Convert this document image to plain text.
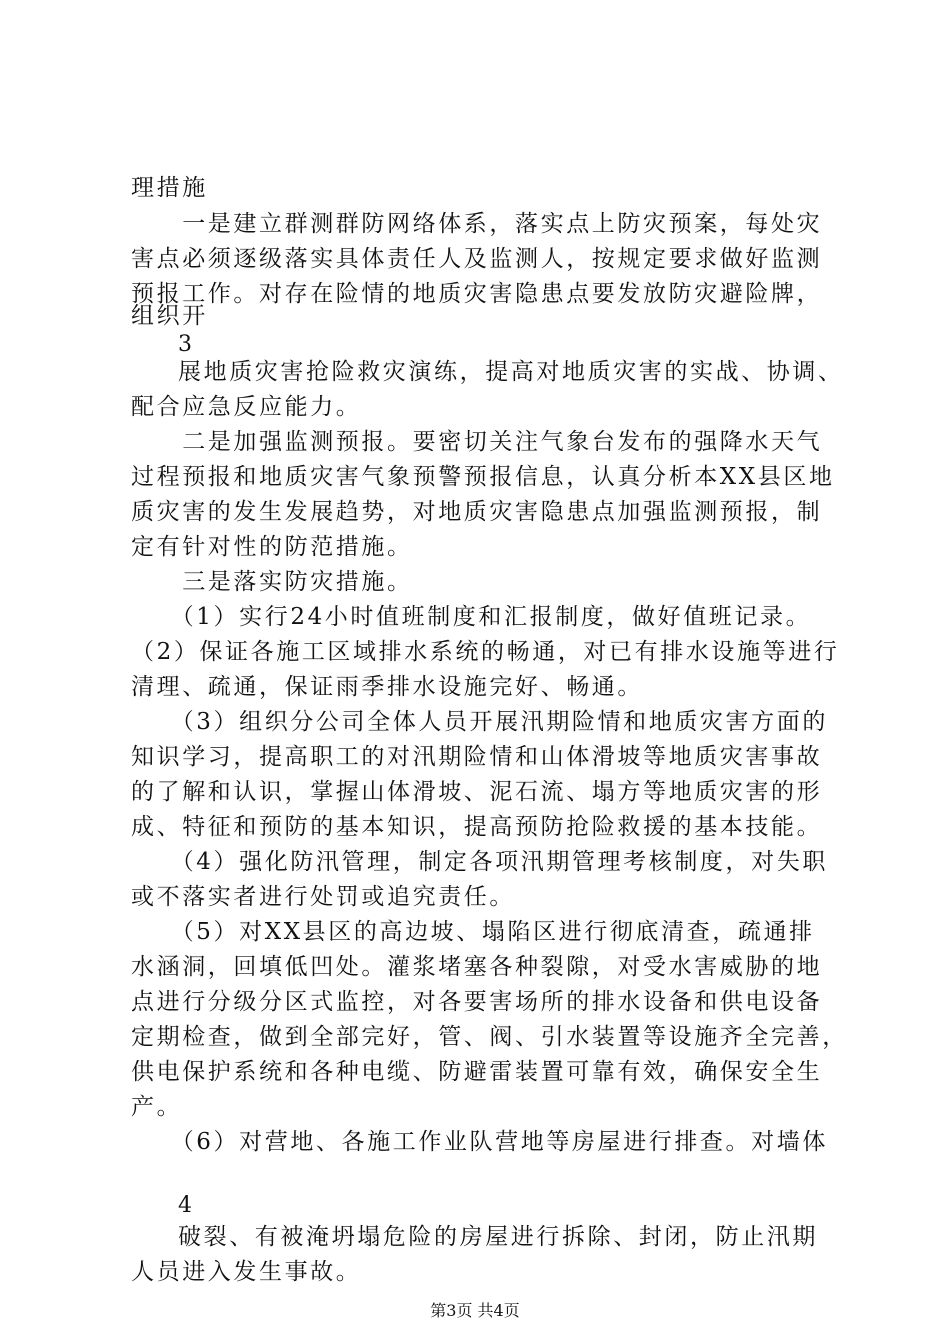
理措施
　　一是建立群测群防网络体系，落实点上防灾预案，每处灾
害点必须逐级落实具体责任人及监测人，按规定要求做好监测
预报工作。对存在险情的地质灾害隐患点要发放防灾避险牌，
组织开
3
展地质灾害抢险救灾演练，提高对地质灾害的实战、协调、
配合应急反应能力。
　　二是加强监测预报。要密切关注气象台发布的强降水天气
过程预报和地质灾害气象预警预报信息，认真分析本XX县区地
质灾害的发生发展趋势，对地质灾害隐患点加强监测预报，制
定有针对性的防范措施。
　　三是落实防灾措施。
　　（1）实行24小时值班制度和汇报制度，做好值班记录。
（2）保证各施工区域排水系统的畅通，对已有排水设施等进行
清理、疏通，保证雨季排水设施完好、畅通。
　　（3）组织分公司全体人员开展汛期险情和地质灾害方面的
知识学习，提高职工的对汛期险情和山体滑坡等地质灾害事故
的了解和认识，掌握山体滑坡、泥石流、塌方等地质灾害的形
成、特征和预防的基本知识，提高预防抢险救援的基本技能。
　　（4）强化防汛管理，制定各项汛期管理考核制度，对失职
或不落实者进行处罚或追究责任。
　　（5）对XX县区的高边坡、塌陷区进行彻底清查，疏通排
水涵洞，回填低凹处。灌浆堵塞各种裂隙，对受水害威胁的地
点进行分级分区式监控，对各要害场所的排水设备和供电设备
定期检查，做到全部完好，管、阀、引水装置等设施齐全完善，
供电保护系统和各种电缆、防避雷装置可靠有效，确保安全生
产。
　　（6）对营地、各施工作业队营地等房屋进行排查。对墙体
4
破裂、有被淹坍塌危险的房屋进行拆除、封闭，防止汛期
人员进入发生事故。
第3页 共4页
